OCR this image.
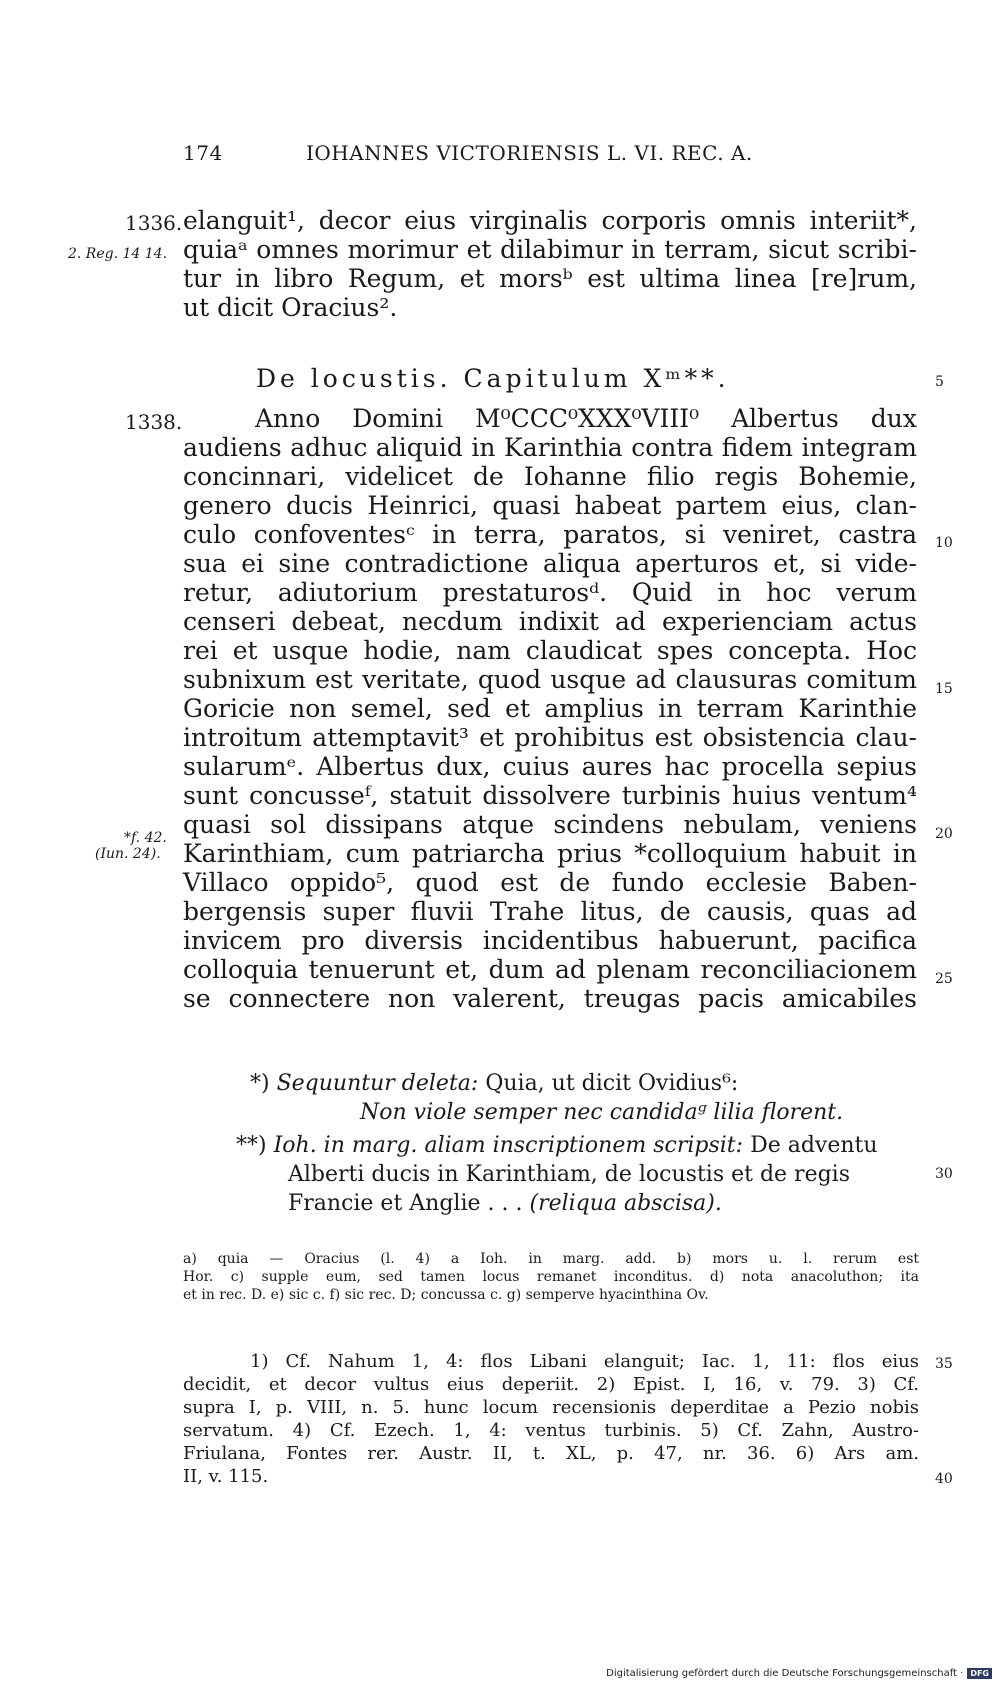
174	IOHANNES VICTORIENSIS L. VI. REC. A.
1336.
2. Reg. 14 14.
elanguit¹, decor eius virginalis corporis omnis interiit*,
quiaᵃ omnes morimur et dilabimur in terram, sicut scribi-
tur in libro Regum, et morsᵇ est ultima linea [re]rum,
ut dicit Oracius².
De locustis. Capitulum Xᵐ**.	5
1338.	Anno Domini M⁰CCC⁰XXX⁰VIII⁰ Albertus dux
audiens adhuc aliquid in Karinthia contra fidem integram
concinnari, videlicet de Iohanne filio regis Bohemie,
genero ducis Heinrici, quasi habeat partem eius, clan-
culo confoventesᶜ in terra, paratos, si veniret, castra
sua ei sine contradictione aliqua aperturos et, si vide-
retur, adiutorium prestaturosᵈ. Quid in hoc verum
censeri debeat, necdum indixit ad experienciam actus
rei et usque hodie, nam claudicat spes concepta. Hoc
subnixum est veritate, quod usque ad clausuras comitum
Goricie non semel, sed et amplius in terram Karinthie
introitum attemptavit³ et prohibitus est obsistencia clau-
sularumᵉ. Albertus dux, cuius aures hac procella sepius
sunt concusseᶠ, statuit dissolvere turbinis huius ventum⁴
quasi sol dissipans atque scindens nebulam, veniens
Karinthiam, cum patriarcha prius *colloquium habuit in
Villaco oppido⁵, quod est de fundo ecclesie Baben-
bergensis super fluvii Trahe litus, de causis, quas ad
invicem pro diversis incidentibus habuerunt, pacifica
colloquia tenuerunt et, dum ad plenam reconciliacionem
se connectere non valerent, treugas pacis amicabiles
10
15
20
25
*f. 42.
(Iun. 24).
*) Sequuntur deleta: Quia, ut dicit Ovidius⁶:
Non viole semper nec candidaᵍ lilia florent.
**) Ioh. in marg. aliam inscriptionem scripsit: De adventu
Alberti ducis in Karinthiam, de locustis et de regis	30
Francie et Anglie . . . (reliqua abscisa).
a) quia — Oracius (l. 4) a Ioh. in marg. add. b) mors u. l. rerum est
Hor. c) supple eum, sed tamen locus remanet inconditus. d) nota anacoluthon; ita
et in rec. D. e) sic c. f) sic rec. D; concussa c. g) semperve hyacinthina Ov.
1) Cf. Nahum 1, 4: flos Libani elanguit; Iac. 1, 11: flos eius
decidit, et decor vultus eius deperiit. 2) Epist. I, 16, v. 79. 3) Cf.
supra I, p. VIII, n. 5. hunc locum recensionis deperditae a Pezio nobis
servatum. 4) Cf. Ezech. 1, 4: ventus turbinis. 5) Cf. Zahn, Austro-
Friulana, Fontes rer. Austr. II, t. XL, p. 47, nr. 36. 6) Ars am.
II, v. 115.
35
40
Digitalisierung gefördert durch die Deutsche Forschungsgemeinschaft · DFG
